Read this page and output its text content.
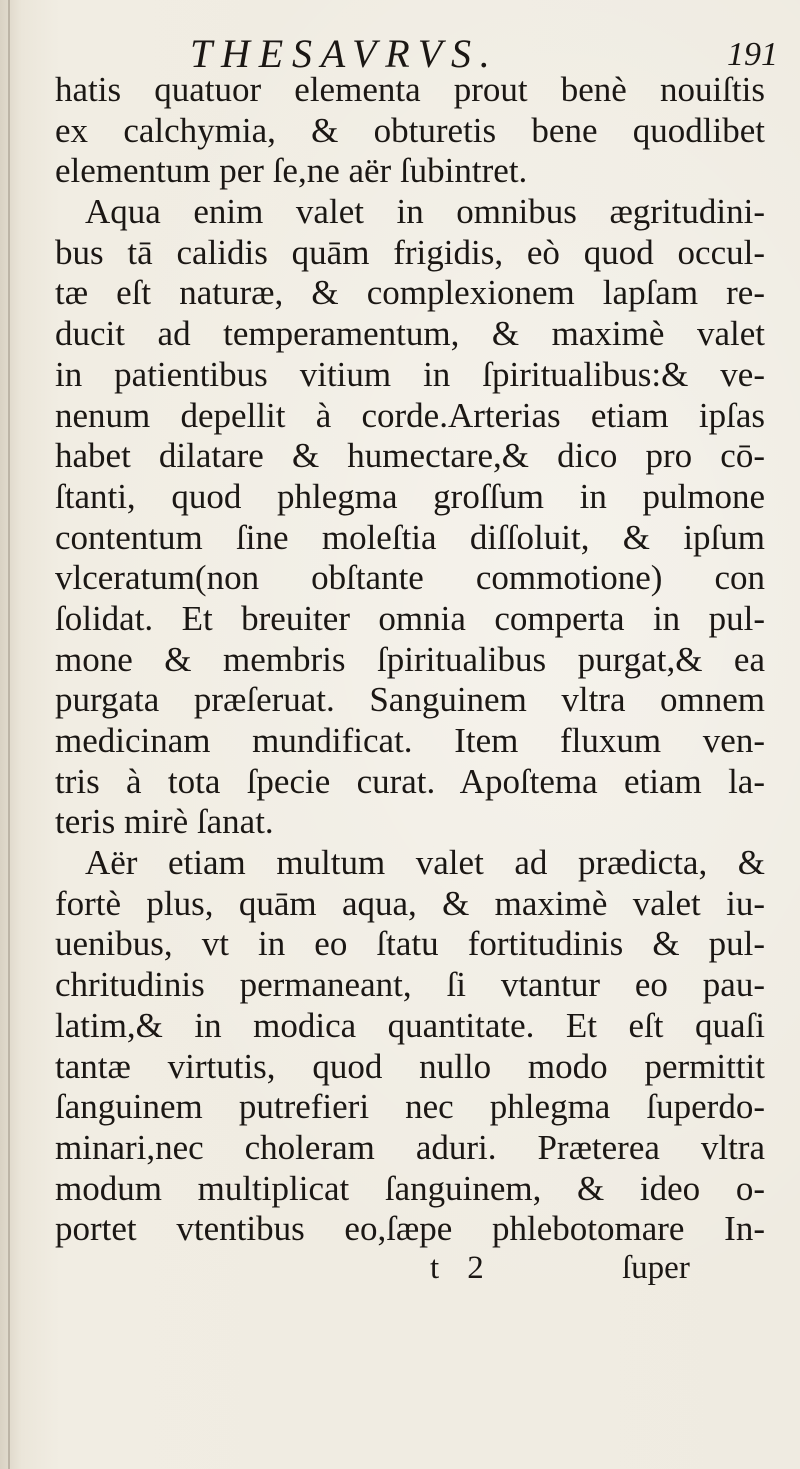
THESAVRVS.	191
hatis quatuor elementa prout benè nouiſtis
ex calchymia, & obturetis bene quodlibet
elementum per ſe,ne aër ſubintret.
Aqua enim valet in omnibus ægritudini-
bus tā calidis quām frigidis, eò quod occul-
tæ eſt naturæ, & complexionem lapſam re-
ducit ad temperamentum, & maximè valet
in patientibus vitium in ſpiritualibus:& ve-
nenum depellit à corde.Arterias etiam ipſas
habet dilatare & humectare,& dico pro cō-
ſtanti, quod phlegma groſſum in pulmone
contentum ſine moleſtia diſſoluit, & ipſum
vlceratum(non obſtante commotione) con
ſolidat. Et breuiter omnia comperta in pul-
mone & membris ſpiritualibus purgat,& ea
purgata præſeruat. Sanguinem vltra omnem
medicinam mundificat. Item fluxum ven-
tris à tota ſpecie curat. Apoſtema etiam la-
teris mirè ſanat.
Aër etiam multum valet ad prædicta, &
fortè plus, quām aqua, & maximè valet iu-
uenibus, vt in eo ſtatu fortitudinis & pul-
chritudinis permaneant, ſi vtantur eo pau-
latim,& in modica quantitate. Et eſt quaſi
tantæ virtutis, quod nullo modo permittit
ſanguinem putrefieri nec phlegma ſuperdo-
minari,nec choleram aduri. Præterea vltra
modum multiplicat ſanguinem, & ideo o-
portet vtentibus eo,ſæpe phlebotomare In-
t 2	ſuper
